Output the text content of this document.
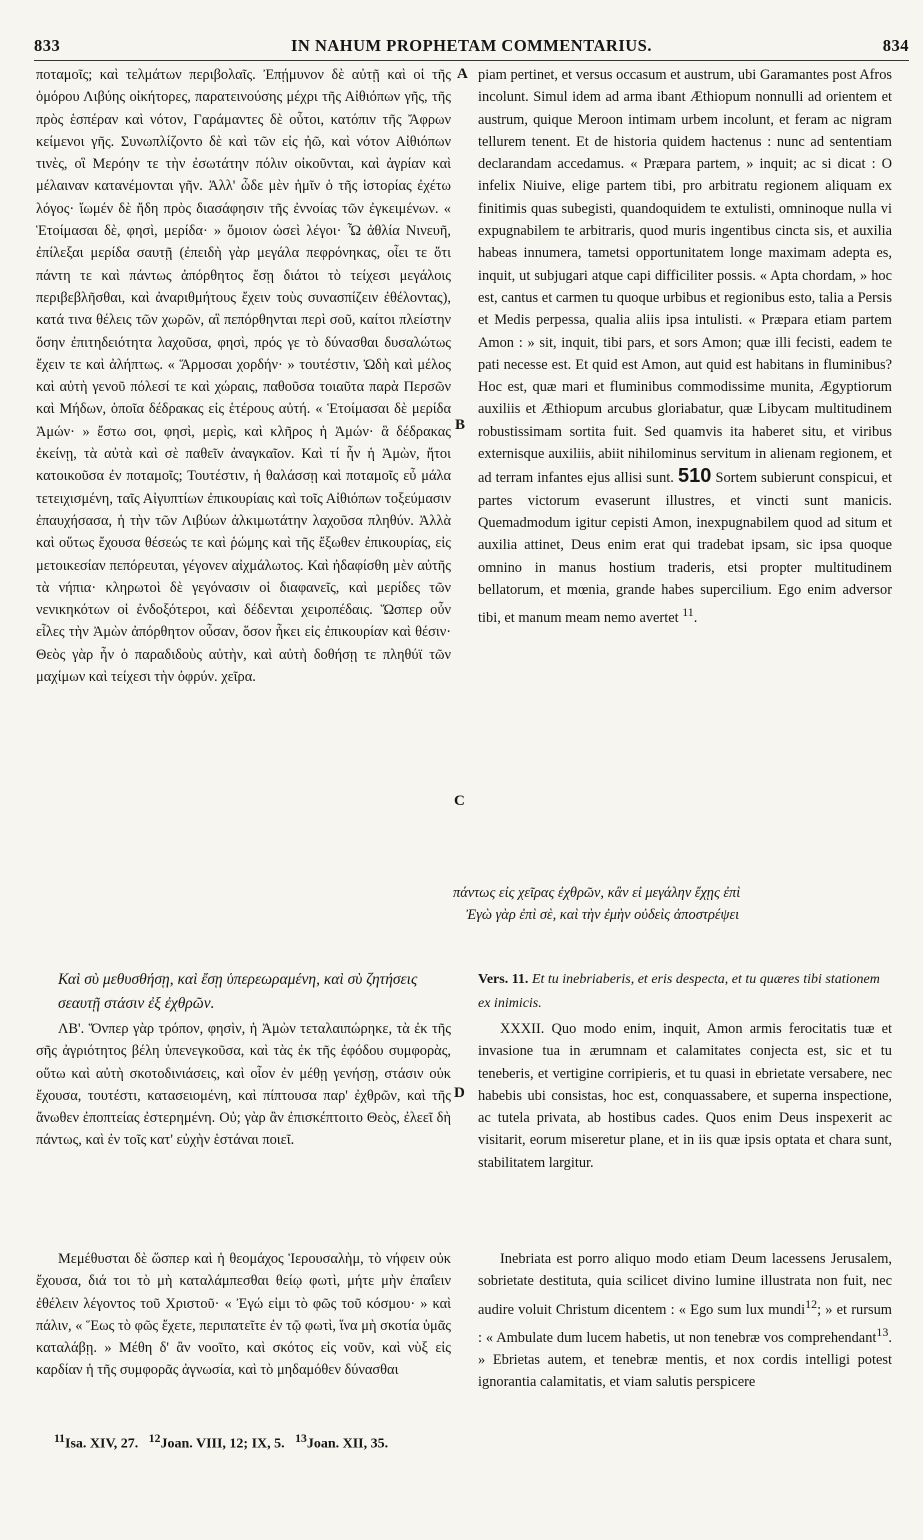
833	IN NAHUM PROPHETAM COMMENTARIUS.	834
A
B
C
D

ποταμοῖς; καὶ τελμάτων περιβολαῖς. Ἐπῄμυνον δὲ αὐτῇ καὶ οἱ τῆς ὁμόρου Λιβύης οἰκήτορες, παρατεινούσης μέχρι τῆς Αἰθιόπων γῆς, τῆς πρὸς ἑσπέραν καὶ νότον, Γαράμαντες δὲ οὗτοι, κατόπιν τῆς Ἄφρων κείμενοι γῆς. Συνωπλίζοντο δὲ καὶ τῶν εἰς ἠῶ, καὶ νότον Αἰθιόπων τινὲς, οἳ Μερόην τε τὴν ἐσωτάτην πόλιν οἰκοῦνται, καὶ ἀγρίαν καὶ μέλαιναν κατανέμονται γῆν. Ἀλλ' ὧδε μὲν ἡμῖν ὁ τῆς ἱστορίας ἐχέτω λόγος· ἴωμέν δὲ ἤδη πρὸς διασάφησιν τῆς ἐννοίας τῶν ἐγκειμένων. « Ἑτοίμασαι δὲ, φησὶ, μερίδα· » ὅμοιον ὡσεὶ λέγοι· Ὦ ἀθλία Νινευῆ, ἐπίλεξαι μερίδα σαυτῇ (ἐπειδὴ γὰρ μεγάλα πεφρόνηκας, οἶει τε ὅτι πάντη τε καὶ πάντως ἀπόρθητος ἔσῃ διάτοι τὸ τείχεσι μεγάλοις περιβεβλῆσθαι, καὶ ἀναριθμήτους ἔχειν τοὺς συνασπίζειν ἐθέλοντας), κατά τινα θέλεις τῶν χωρῶν, αἳ πεπόρθηνται περὶ σοῦ, καίτοι πλείστην ὅσην ἐπιτηδειότητα λαχοῦσα, φησὶ, πρός γε τὸ δύνασθαι δυσαλώτως ἔχειν τε καὶ ἀλήπτως. « Ἅρμοσαι χορδήν· » τουτέστιν, Ὠδὴ καὶ μέλος καὶ αὐτὴ γενοῦ πόλεσί τε καὶ χώραις, παθοῦσα τοιαῦτα παρὰ Περσῶν καὶ Μήδων, ὁποῖα δέδρακας εἰς ἑτέρους αὐτή. « Ἑτοίμασαι δὲ μερίδα Ἀμών· » ἔστω σοι, φησὶ, μερὶς, καὶ κλῆρος ἡ Ἀμών· ἃ δέδρακας ἐκείνῃ, τὰ αὐτὰ καὶ σὲ παθεῖν ἀναγκαῖον. Καὶ τί ἦν ἡ Ἀμὼν, ἤτοι κατοικοῦσα ἐν ποταμοῖς; Τουτέστιν, ἡ θαλάσσῃ καὶ ποταμοῖς εὖ μάλα τετειχισμένη, ταῖς Αἰγυπτίων ἐπικουρίαις καὶ τοῖς Αἰθιόπων τοξεύμασιν ἐπαυχήσασα, ἡ τὴν τῶν Λιβύων ἀλκιμωτάτην λαχοῦσα πληθύν. Ἀλλὰ καὶ οὕτως ἔχουσα θέσεώς τε καὶ ῥώμης καὶ τῆς ἔξωθεν ἐπικουρίας, εἰς μετοικεσίαν πεπόρευται, γέγονεν αἰχμάλωτος. Καὶ ἠδαφίσθη μὲν αὐτῆς τὰ νήπια· κληρωτοὶ δὲ γεγόνασιν οἱ διαφανεῖς, καὶ μερίδες τῶν νενικηκότων οἱ ἐνδοξότεροι, καὶ δέδενται χειροπέδαις. Ὥσπερ οὖν εἷλες τὴν Ἀμὼν ἀπόρθητον οὖσαν, ὅσον ἧκει εἰς ἐπικουρίαν καὶ θέσιν· Θεὸς γὰρ ἦν ὁ παραδιδοὺς αὐτὴν, καὶ αὐτὴ δοθήσῃ τε πληθύϊ τῶν μαχίμων καὶ τείχεσι τὴν ὀφρύν. χεῖρα.

piam pertinet, et versus occasum et austrum, ubi Garamantes post Afros incolunt. Simul idem ad arma ibant Æthiopum nonnulli ad orientem et austrum, quique Meroon intimam urbem incolunt, et feram ac nigram tellurem tenent. Et de historia quidem hactenus : nunc ad sententiam declarandam accedamus. « Præpara partem, » inquit; ac si dicat : O infelix Niuive, elige partem tibi, pro arbitratu regionem aliquam ex finitimis quas subegisti, quandoquidem te extulisti, omninoque nulla vi expugnabilem te arbitraris, quod muris ingentibus cincta sis, et auxilia habeas innumera, tametsi opportunitatem longe maximam adepta es, inquit, ut subjugari atque capi difficiliter possis. « Apta chordam, » hoc est, cantus et carmen tu quoque urbibus et regionibus esto, talia a Persis et Medis perpessa, qualia aliis ipsa intulisti. « Præpara etiam partem Amon : » sit, inquit, tibi pars, et sors Amon; quæ illi fecisti, eadem te pati necesse est. Et quid est Amon, aut quid est habitans in fluminibus? Hoc est, quæ mari et fluminibus commodissime munita, Ægyptiorum auxiliis et Æthiopum arcubus gloriabatur, quæ Libycam multitudinem robustissimam sortita fuit. Sed quamvis ita haberet situ, et viribus externisque auxiliis, abiit nihilominus servitum in alienam regionem, et ad terram infantes ejus allisi sunt. 510 Sortem subierunt conspicui, et partes victorum evaserunt illustres, et vincti sunt manicis. Quemadmodum igitur cepisti Amon, inexpugnabilem quod ad situm et auxilia attinet, Deus enim erat qui tradebat ipsam, sic ipsa quoque omnino in manus hostium traderis, etsi propter multitudinem bellatorum, et mœnia, grande habes supercilium. Ego enim adversor tibi, et manum meam nemo avertet $^{11}$.

πάντως εἰς χεῖρας ἐχθρῶν, κἂν εἰ μεγάλην ἔχῃς ἐπὶ
Ἐγὼ γὰρ ἐπὶ σὲ, καὶ τὴν ἐμὴν οὐδεὶς ἀποστρέψει
Καὶ σὺ μεθυσθήσῃ, καὶ ἔσῃ ὑπερεωραμένη, καὶ σὺ ζητήσεις σεαυτῇ στάσιν ἐξ ἐχθρῶν.
Vers. 11. Et tu inebriaberis, et eris despecta, et tu quæres tibi stationem ex inimicis.

ΛΒ'. Ὅνπερ γὰρ τρόπον, φησὶν, ἡ Ἀμὼν τεταλαιπώρηκε, τὰ ἐκ τῆς σῆς ἀγριότητος βέλη ὑπενεγκοῦσα, καὶ τὰς ἐκ τῆς ἐφόδου συμφορὰς, οὕτω καὶ αὐτὴ σκοτοδινιάσεις, καὶ οἷον ἐν μέθῃ γενήσῃ, στάσιν οὐκ ἔχουσα, τουτέστι, κατασειομένη, καὶ πίπτουσα παρ' ἐχθρῶν, καὶ τῆς ἄνωθεν ἐποπτείας ἐστερημένη. Οὐ; γὰρ ἂν ἐπισκέπτοιτο Θεὸς, ἐλεεῖ δὴ πάντως, καὶ ἐν τοῖς κατ' εὐχὴν ἑστάναι ποιεῖ.

XXXII. Quo modo enim, inquit, Amon armis ferocitatis tuæ et invasione tua in ærumnam et calamitates conjecta est, sic et tu teneberis, et vertigine corripieris, et tu quasi in ebrietate versabere, nec habebis ubi consistas, hoc est, conquassabere, et superna inspectione, ac tutela privata, ab hostibus cades. Quos enim Deus inspexerit ac visitarit, eorum miseretur plane, et in iis quæ ipsis optata et chara sunt, stabilitatem largitur.

Μεμέθυσται δὲ ὥσπερ καὶ ἡ θεομάχος Ἱερουσαλὴμ, τὸ νήφειν οὐκ ἔχουσα, διά τοι τὸ μὴ καταλάμπεσθαι θείῳ φωτὶ, μήτε μὴν ἐπαΐειν ἐθέλειν λέγοντος τοῦ Χριστοῦ· « Ἐγώ εἰμι τὸ φῶς τοῦ κόσμου· » καὶ πάλιν, « Ἕως τὸ φῶς ἔχετε, περιπατεῖτε ἐν τῷ φωτὶ, ἵνα μὴ σκοτία ὑμᾶς καταλάβῃ. » Μέθη δ' ἂν νοοῖτο, καὶ σκότος εἰς νοῦν, καὶ νὺξ εἰς καρδίαν ἡ τῆς συμφορᾶς ἀγνωσία, καὶ τὸ μηδαμόθεν δύνασθαι

Inebriata est porro aliquo modo etiam Deum lacessens Jerusalem, sobrietate destituta, quia scilicet divino lumine illustrata non fuit, nec audire voluit Christum dicentem : « Ego sum lux mundi$^{12}$; » et rursum : « Ambulate dum lucem habetis, ut non tenebræ vos comprehendant$^{13}$. » Ebrietas autem, et tenebræ mentis, et nox cordis intelligi potest ignorantia calamitatis, et viam salutis perspicere

$^{11}$Isa. XIV, 27. $^{12}$Joan. VIII, 12; IX, 5. $^{13}$Joan. XII, 35.
